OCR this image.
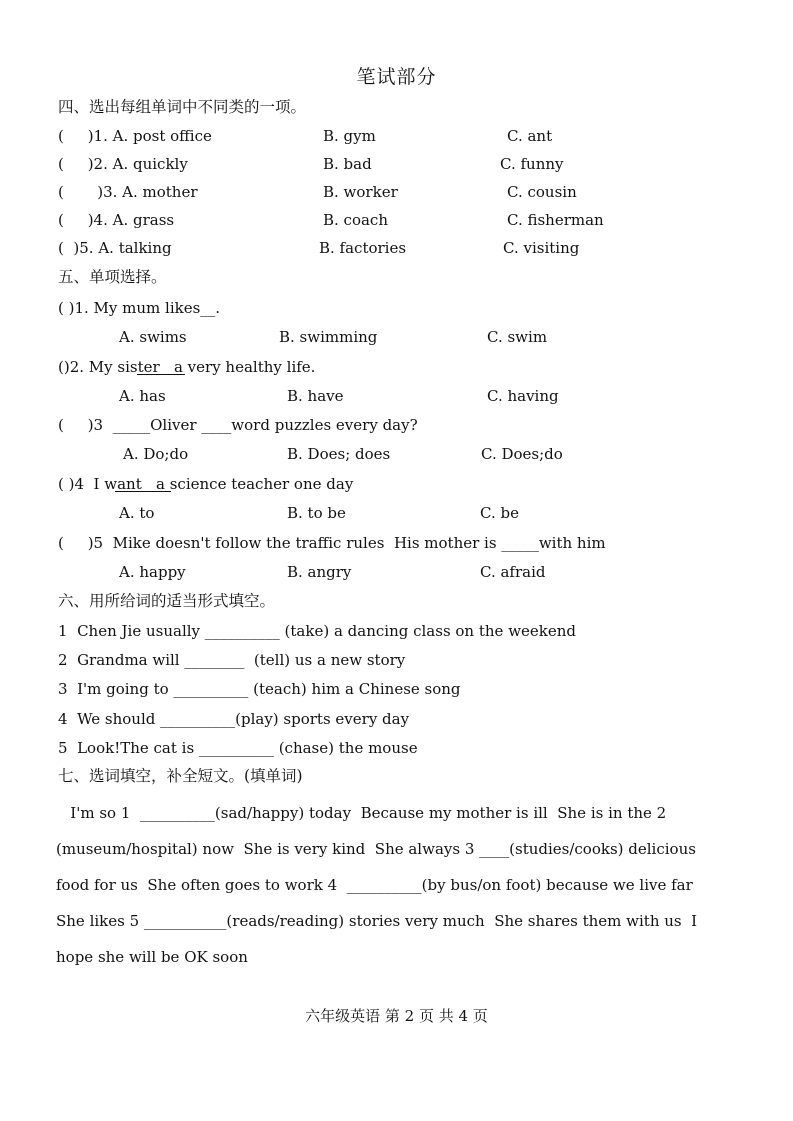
笔试部分
四、选出每组单词中不同类的一项。
(     )1. A. post office	B. gym	C. ant
(     )2. A. quickly	B. bad	C. funny
(       )3. A. mother	B. worker	C. cousin
(     )4. A. grass	B. coach	C. fisherman
(  )5. A. talking	B. factories	C. visiting
五、单项选择。
( )1. My mum likes__.
A. swims	B. swimming	C. swim
()2. My sister   a very healthy life.
A. has	B. have	C. having
(     )3  _____Oliver ____word puzzles every day?
A. Do;do	B. Does; does	C. Does;do
( )4  I want   a science teacher one day
A. to	B. to be	C. be
(     )5  Mike doesn't follow the traffic rules  His mother is _____with him
A. happy	B. angry	C. afraid
六、用所给词的适当形式填空。
1  Chen Jie usually __________ (take) a dancing class on the weekend
2  Grandma will ________  (tell) us a new story
3  I'm going to __________ (teach) him a Chinese song
4  We should __________(play) sports every day
5  Look!The cat is __________ (chase) the mouse
七、选词填空，补全短文。(填单词)
I'm so 1  __________(sad/happy) today  Because my mother is ill  She is in the 2
(museum/hospital) now  She is very kind  She always 3 ____(studies/cooks) delicious
food for us  She often goes to work 4  __________(by bus/on foot) because we live far
She likes 5 ___________(reads/reading) stories very much  She shares them with us  I
hope she will be OK soon
六年级英语 第 2 页 共 4 页
